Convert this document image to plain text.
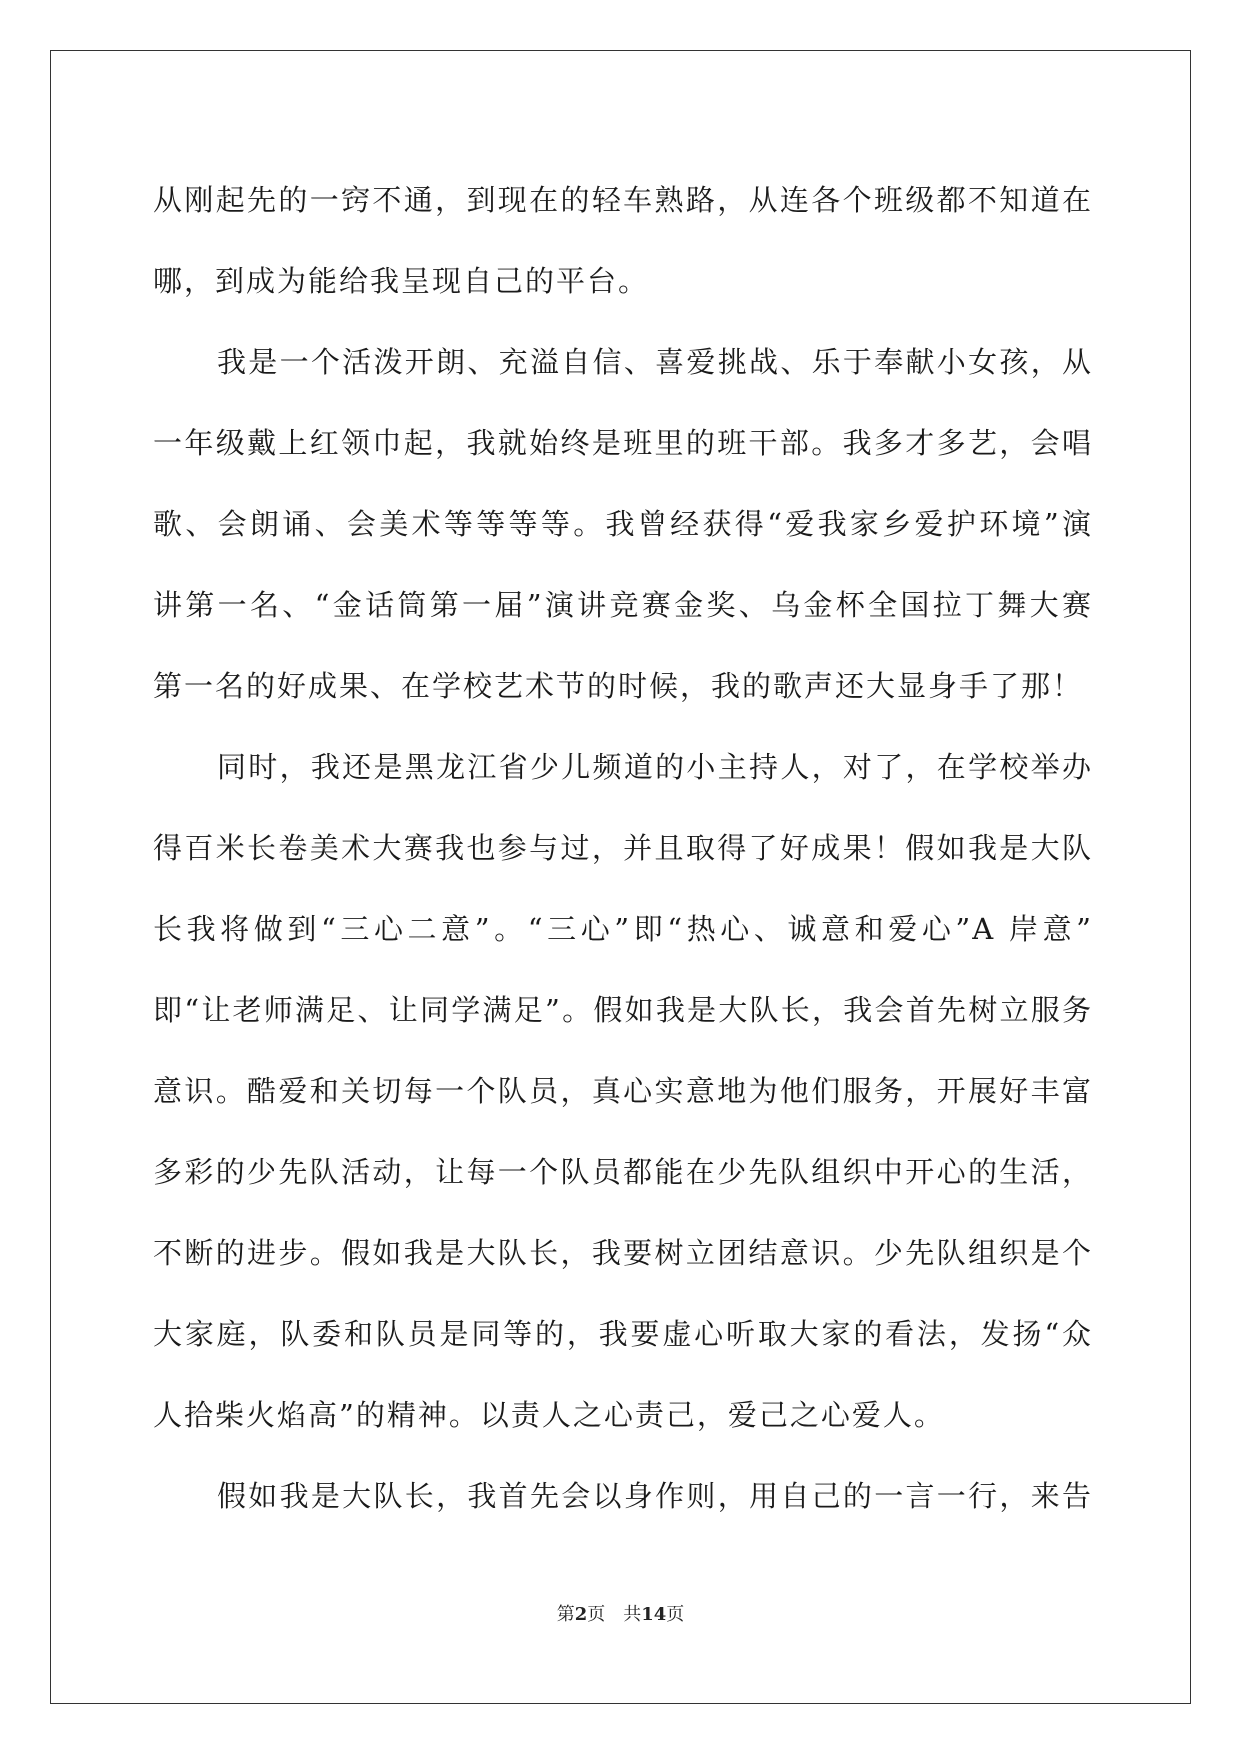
从刚起先的一窍不通，到现在的轻车熟路，从连各个班级都不知道在
哪，到成为能给我呈现自己的平台。
我是一个活泼开朗、充溢自信、喜爱挑战、乐于奉献小女孩，从
一年级戴上红领巾起，我就始终是班里的班干部。我多才多艺，会唱
歌、会朗诵、会美术等等等等。我曾经获得“爱我家乡爱护环境”演
讲第一名、“金话筒第一届”演讲竞赛金奖、乌金杯全国拉丁舞大赛
第一名的好成果、在学校艺术节的时候，我的歌声还大显身手了那！
同时，我还是黑龙江省少儿频道的小主持人，对了，在学校举办
得百米长卷美术大赛我也参与过，并且取得了好成果！假如我是大队
长我将做到“三心二意”。“三心”即“热心、诚意和爱心”A 岸意”
即“让老师满足、让同学满足”。假如我是大队长，我会首先树立服务
意识。酷爱和关切每一个队员，真心实意地为他们服务，开展好丰富
多彩的少先队活动，让每一个队员都能在少先队组织中开心的生活，
不断的进步。假如我是大队长，我要树立团结意识。少先队组织是个
大家庭，队委和队员是同等的，我要虚心听取大家的看法，发扬“众
人拾柴火焰高”的精神。以责人之心责己，爱己之心爱人。
假如我是大队长，我首先会以身作则，用自己的一言一行，来告
第2页 共14页
